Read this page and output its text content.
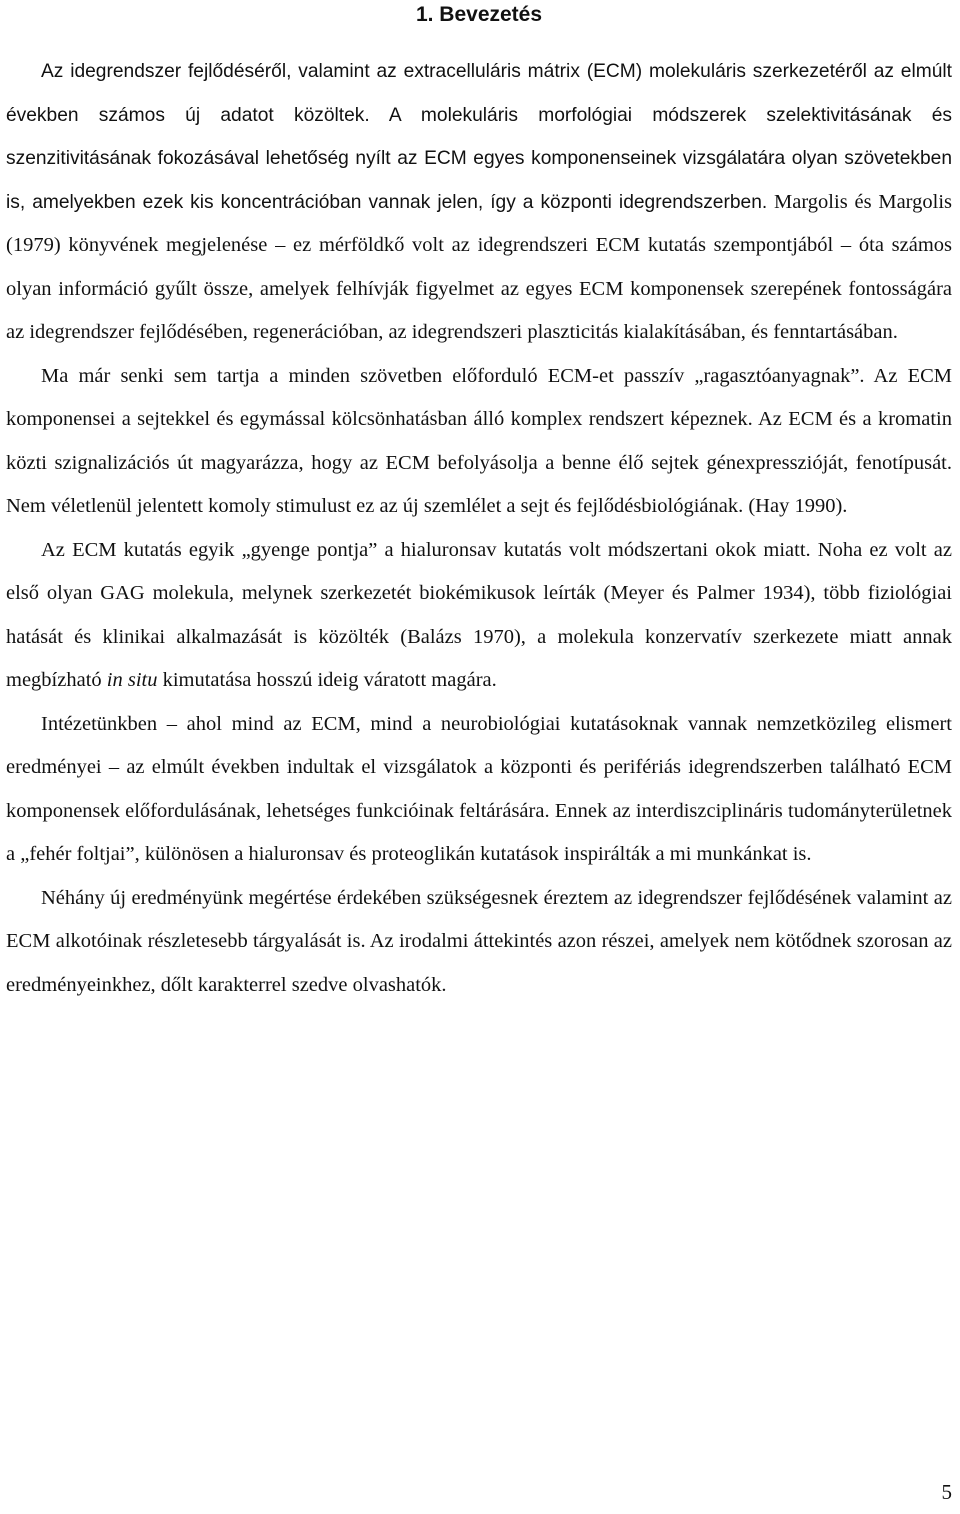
1. Bevezetés

Az idegrendszer fejlődéséről, valamint az extracelluláris mátrix (ECM) molekuláris szerkezetéről az elmúlt években számos új adatot közöltek. A molekuláris morfológiai módszerek szelektivitásának és szenzitivitásának fokozásával lehetőség nyílt az ECM egyes komponenseinek vizsgálatára olyan szövetekben is, amelyekben ezek kis koncentrációban vannak jelen, így a központi idegrendszerben. Margolis és Margolis (1979) könyvének megjelenése – ez mérföldkő volt az idegrendszeri ECM kutatás szempontjából – óta számos olyan információ gyűlt össze, amelyek felhívják figyelmet az egyes ECM komponensek szerepének fontosságára az idegrendszer fejlődésében, regenerációban, az idegrendszeri plaszticitás kialakításában, és fenntartásában.

Ma már senki sem tartja a minden szövetben előforduló ECM-et passzív „ragasztóanyagnak”. Az ECM komponensei a sejtekkel és egymással kölcsönhatásban álló komplex rendszert képeznek. Az ECM és a kromatin közti szignalizációs út magyarázza, hogy az ECM befolyásolja a benne élő sejtek génexpresszióját, fenotípusát. Nem véletlenül jelentett komoly stimulust ez az új szemlélet a sejt és fejlődésbiológiának. (Hay 1990).

Az ECM kutatás egyik „gyenge pontja” a hialuronsav kutatás volt módszertani okok miatt. Noha ez volt az első olyan GAG molekula, melynek szerkezetét biokémikusok leírták (Meyer és Palmer 1934), több fiziológiai hatását és klinikai alkalmazását is közölték (Balázs 1970), a molekula konzervatív szerkezete miatt annak megbízható in situ kimutatása hosszú ideig váratott magára.

Intézetünkben – ahol mind az ECM, mind a neurobiológiai kutatásoknak vannak nemzetközileg elismert eredményei – az elmúlt években indultak el vizsgálatok a központi és perifériás idegrendszerben található ECM komponensek előfordulásának, lehetséges funkcióinak feltárására. Ennek az interdiszciplináris tudományterületnek a „fehér foltjai”, különösen a hialuronsav és proteoglikán kutatások inspirálták a mi munkánkat is.

Néhány új eredményünk megértése érdekében szükségesnek éreztem az idegrendszer fejlődésének valamint az ECM alkotóinak részletesebb tárgyalását is. Az irodalmi áttekintés azon részei, amelyek nem kötődnek szorosan az eredményeinkhez, dőlt karakterrel szedve olvashatók.

5
